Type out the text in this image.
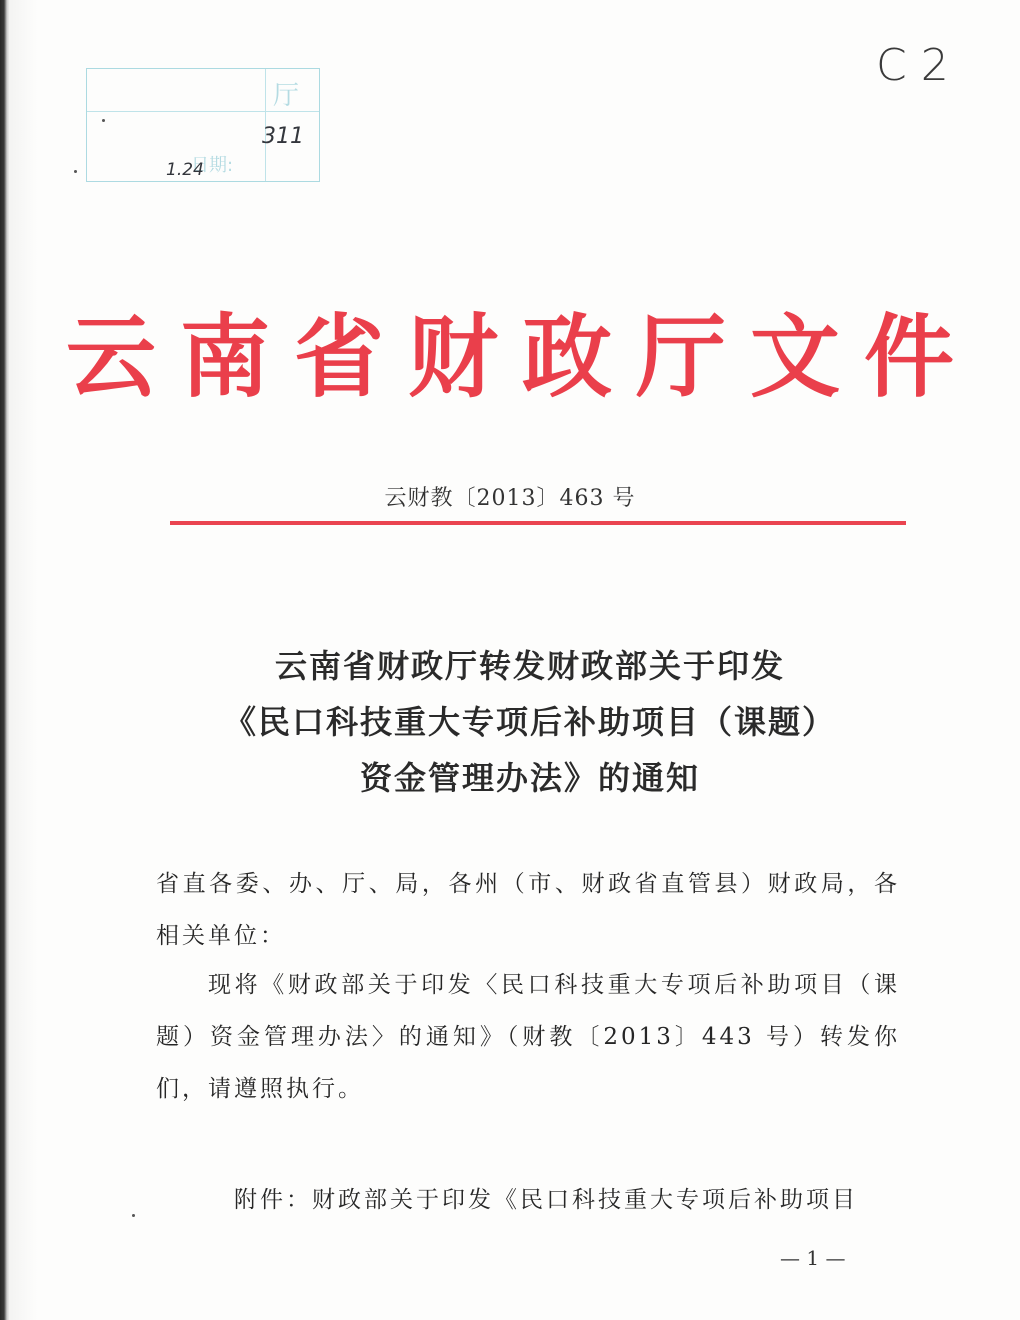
厅
日期:
311
1.24
C2
云南省财政厅文件
云财教〔2013〕463 号
云南省财政厅转发财政部关于印发
《民口科技重大专项后补助项目（课题）
资金管理办法》的通知
省直各委、办、厅、局，各州（市、财政省直管县）财政局，各相关单位：
现将《财政部关于印发〈民口科技重大专项后补助项目（课题）资金管理办法〉的通知》（财教〔2013〕443 号）转发你们，请遵照执行。
附件：财政部关于印发《民口科技重大专项后补助项目
— 1 —
